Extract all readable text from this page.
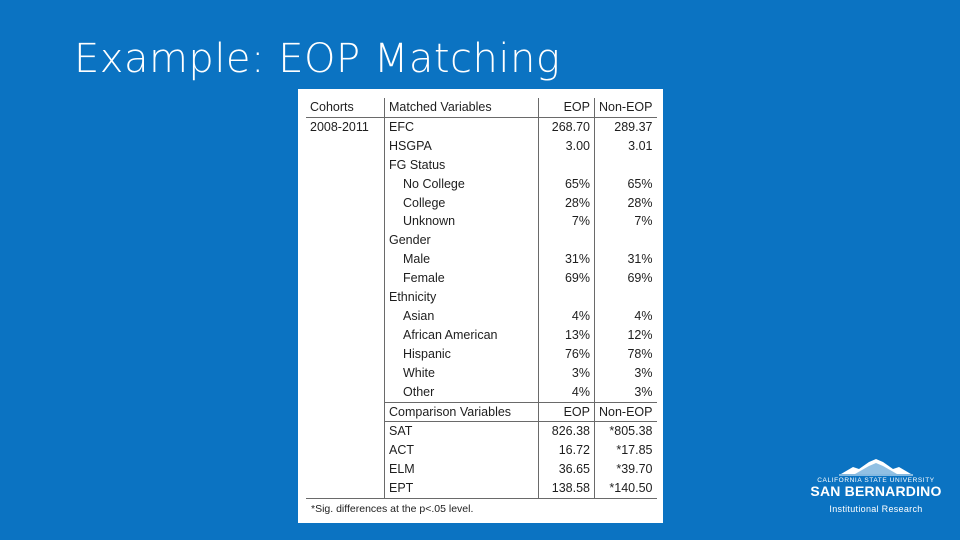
Example: EOP Matching
Cohorts	Matched Variables	EOP	Non-EOP
2008-2011	EFC	268.70	289.37
	HSGPA	3.00	3.01
	FG Status		
	No College	65%	65%
	College	28%	28%
	Unknown	7%	7%
	Gender		
	Male	31%	31%
	Female	69%	69%
	Ethnicity		
	Asian	4%	4%
	African American	13%	12%
	Hispanic	76%	78%
	White	3%	3%
	Other	4%	3%
	Comparison Variables	EOP	Non-EOP
	SAT	826.38	*805.38
	ACT	16.72	*17.85
	ELM	36.65	*39.70
	EPT	138.58	*140.50
*Sig. differences at the p<.05 level.
CALIFORNIA STATE UNIVERSITY
SAN BERNARDINO
Institutional Research
